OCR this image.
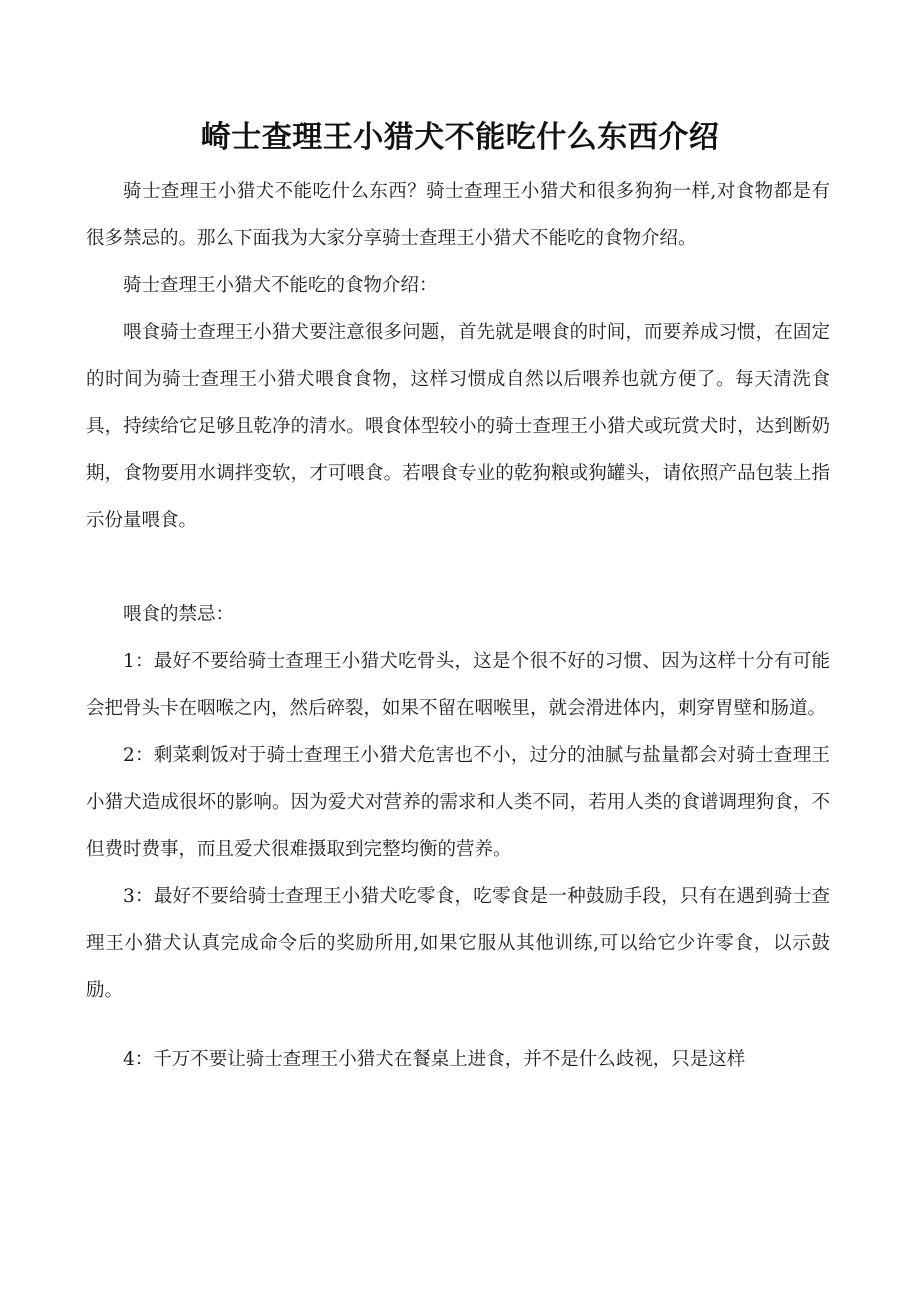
崎士查理王小猎犬不能吃什么东西介绍

骑士查理王小猎犬不能吃什么东西？骑士查理王小猎犬和很多狗狗一样,对食物都是有很多禁忌的。那么下面我为大家分享骑士查理王小猎犬不能吃的食物介绍。

骑士查理王小猎犬不能吃的食物介绍：

喂食骑士查理王小猎犬要注意很多问题，首先就是喂食的时间，而要养成习惯，在固定的时间为骑士查理王小猎犬喂食食物，这样习惯成自然以后喂养也就方便了。每天清洗食具，持续给它足够且乾净的清水。喂食体型较小的骑士查理王小猎犬或玩赏犬时，达到断奶期，食物要用水调拌变软，才可喂食。若喂食专业的乾狗粮或狗罐头，请依照产品包装上指示份量喂食。

喂食的禁忌：

1：最好不要给骑士查理王小猎犬吃骨头，这是个很不好的习惯、因为这样十分有可能会把骨头卡在咽喉之内，然后碎裂，如果不留在咽喉里，就会滑进体内，刺穿胃壁和肠道。

2：剩菜剩饭对于骑士查理王小猎犬危害也不小，过分的油腻与盐量都会对骑士查理王小猎犬造成很坏的影响。因为爱犬对营养的需求和人类不同，若用人类的食谱调理狗食，不但费时费事，而且爱犬很难摄取到完整均衡的营养。

3：最好不要给骑士查理王小猎犬吃零食，吃零食是一种鼓励手段，只有在遇到骑士查理王小猎犬认真完成命令后的奖励所用,如果它服从其他训练,可以给它少许零食，以示鼓励。

4：千万不要让骑士查理王小猎犬在餐桌上进食，并不是什么歧视，只是这样
